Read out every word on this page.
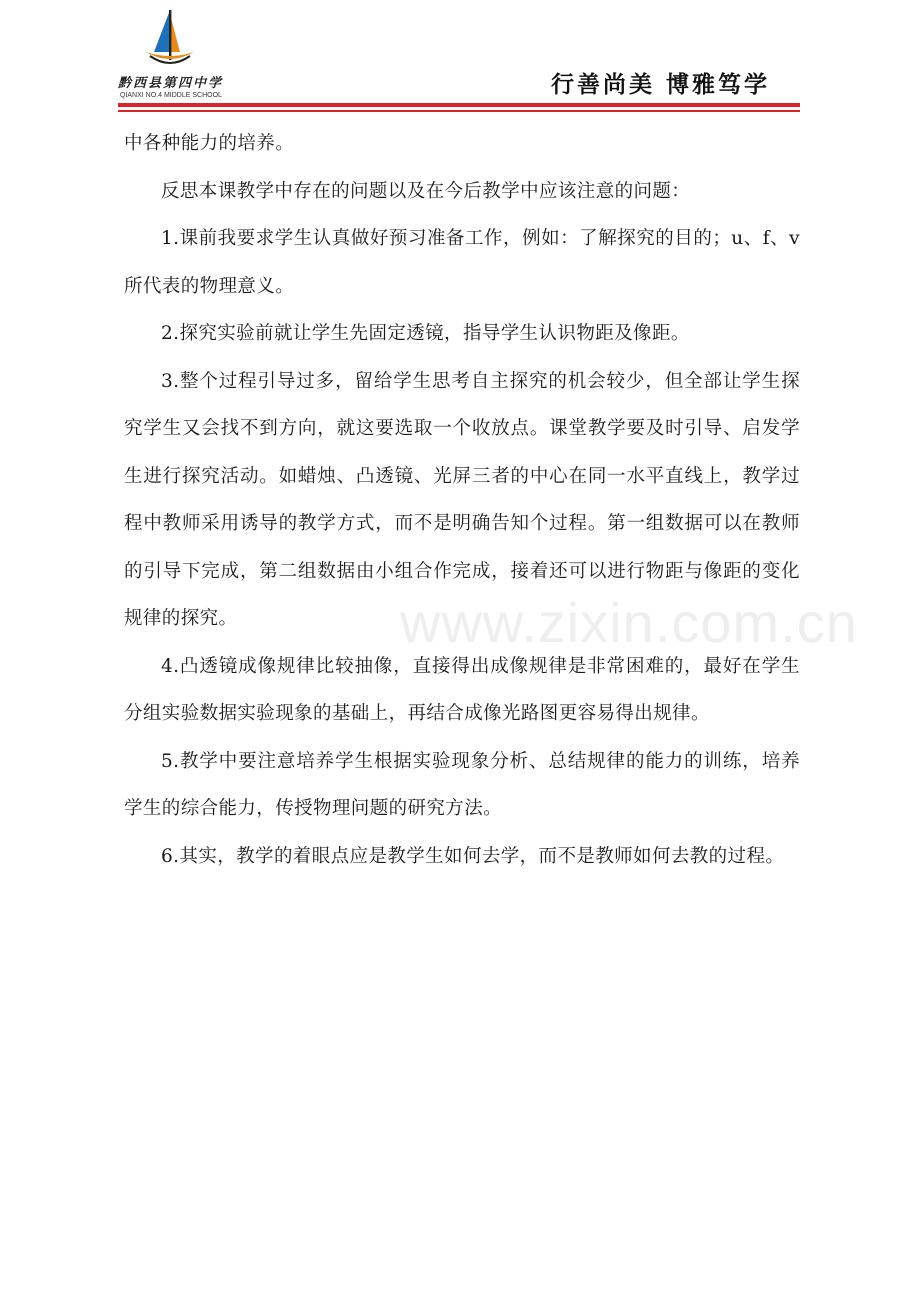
黔西县第四中学
QIANXI NO.4 MIDDLE SCHOOL	行善尚美 博雅笃学

中各种能力的培养。

反思本课教学中存在的问题以及在今后教学中应该注意的问题：

1.课前我要求学生认真做好预习准备工作，例如：了解探究的目的；u、f、v 所代表的物理意义。

2.探究实验前就让学生先固定透镜，指导学生认识物距及像距。

3.整个过程引导过多，留给学生思考自主探究的机会较少，但全部让学生探究学生又会找不到方向，就这要选取一个收放点。课堂教学要及时引导、启发学生进行探究活动。如蜡烛、凸透镜、光屏三者的中心在同一水平直线上，教学过程中教师采用诱导的教学方式，而不是明确告知个过程。第一组数据可以在教师的引导下完成，第二组数据由小组合作完成，接着还可以进行物距与像距的变化规律的探究。

4.凸透镜成像规律比较抽像，直接得出成像规律是非常困难的，最好在学生分组实验数据实验现象的基础上，再结合成像光路图更容易得出规律。

5.教学中要注意培养学生根据实验现象分析、总结规律的能力的训练，培养学生的综合能力，传授物理问题的研究方法。

6.其实，教学的着眼点应是教学生如何去学，而不是教师如何去教的过程。

www.zixin.com.cn
